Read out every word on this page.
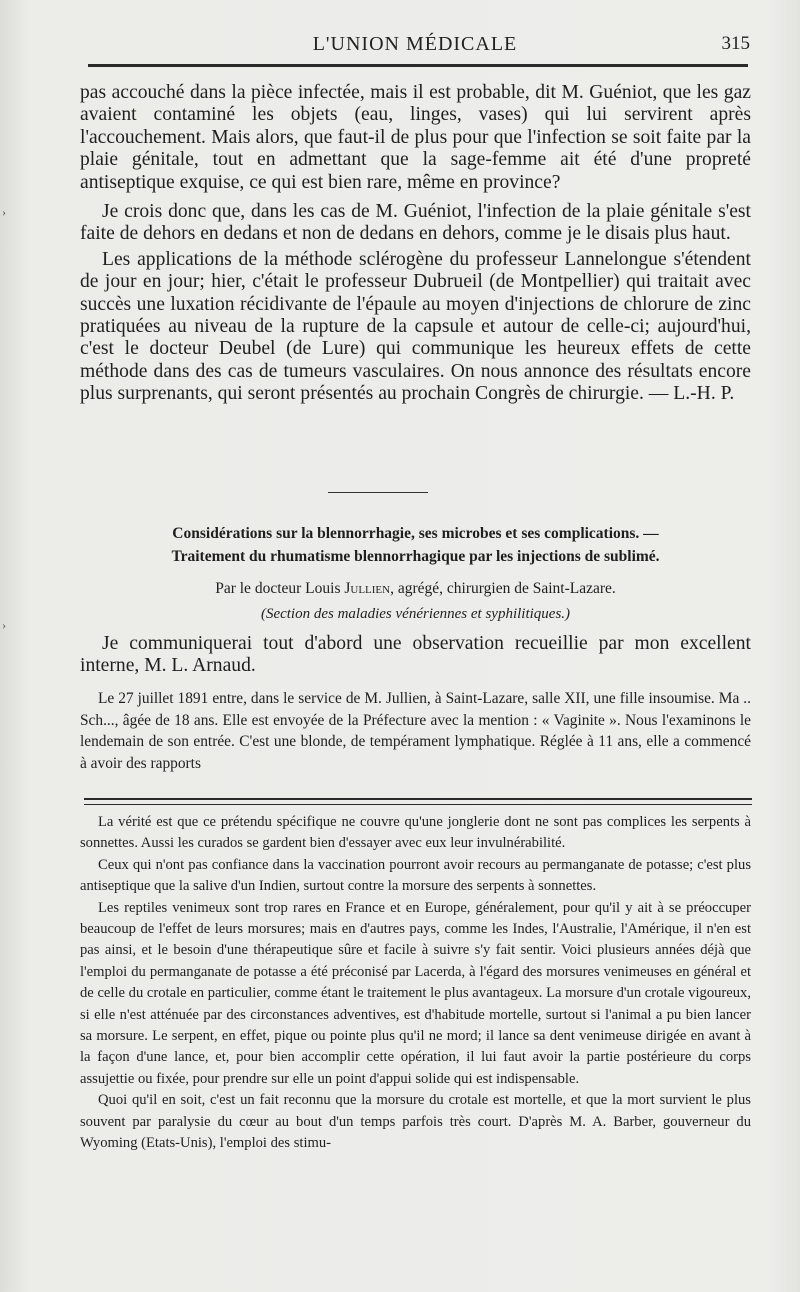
L'UNION MÉDICALE	315
›
›

pas accouché dans la pièce infectée, mais il est probable, dit M. Guéniot, que les gaz avaient contaminé les objets (eau, linges, vases) qui lui servirent après l'accouchement. Mais alors, que faut-il de plus pour que l'infection se soit faite par la plaie génitale, tout en admettant que la sage-femme ait été d'une propreté antiseptique exquise, ce qui est bien rare, même en province?

Je crois donc que, dans les cas de M. Guéniot, l'infection de la plaie génitale s'est faite de dehors en dedans et non de dedans en dehors, comme je le disais plus haut.

Les applications de la méthode sclérogène du professeur Lannelongue s'étendent de jour en jour; hier, c'était le professeur Dubrueil (de Montpellier) qui traitait avec succès une luxation récidivante de l'épaule au moyen d'injections de chlorure de zinc pratiquées au niveau de la rupture de la capsule et autour de celle-ci; aujourd'hui, c'est le docteur Deubel (de Lure) qui communique les heureux effets de cette méthode dans des cas de tumeurs vasculaires. On nous annonce des résultats encore plus surprenants, qui seront présentés au prochain Congrès de chirurgie. — L.-H. P.

Considérations sur la blennorrhagie, ses microbes et ses complications. —
Traitement du rhumatisme blennorrhagique par les injections de sublimé.
Par le docteur Louis Jullien, agrégé, chirurgien de Saint-Lazare.
(Section des maladies vénériennes et syphilitiques.)

Je communiquerai tout d'abord une observation recueillie par mon excellent interne, M. L. Arnaud.

Le 27 juillet 1891 entre, dans le service de M. Jullien, à Saint-Lazare, salle XII, une fille insoumise. Ma .. Sch..., âgée de 18 ans. Elle est envoyée de la Préfecture avec la mention : « Vaginite ». Nous l'examinons le lendemain de son entrée. C'est une blonde, de tempérament lymphatique. Réglée à 11 ans, elle a commencé à avoir des rapports

La vérité est que ce prétendu spécifique ne couvre qu'une jonglerie dont ne sont pas complices les serpents à sonnettes. Aussi les curados se gardent bien d'essayer avec eux leur invulnérabilité.

Ceux qui n'ont pas confiance dans la vaccination pourront avoir recours au permanganate de potasse; c'est plus antiseptique que la salive d'un Indien, surtout contre la morsure des serpents à sonnettes.

Les reptiles venimeux sont trop rares en France et en Europe, généralement, pour qu'il y ait à se préoccuper beaucoup de l'effet de leurs morsures; mais en d'autres pays, comme les Indes, l'Australie, l'Amérique, il n'en est pas ainsi, et le besoin d'une thérapeutique sûre et facile à suivre s'y fait sentir. Voici plusieurs années déjà que l'emploi du permanganate de potasse a été préconisé par Lacerda, à l'égard des morsures venimeuses en général et de celle du crotale en particulier, comme étant le traitement le plus avantageux. La morsure d'un crotale vigoureux, si elle n'est atténuée par des circonstances adventives, est d'habitude mortelle, surtout si l'animal a pu bien lancer sa morsure. Le serpent, en effet, pique ou pointe plus qu'il ne mord; il lance sa dent venimeuse dirigée en avant à la façon d'une lance, et, pour bien accomplir cette opération, il lui faut avoir la partie postérieure du corps assujettie ou fixée, pour prendre sur elle un point d'appui solide qui est indispensable.

Quoi qu'il en soit, c'est un fait reconnu que la morsure du crotale est mortelle, et que la mort survient le plus souvent par paralysie du cœur au bout d'un temps parfois très court. D'après M. A. Barber, gouverneur du Wyoming (Etats-Unis), l'emploi des stimu-
